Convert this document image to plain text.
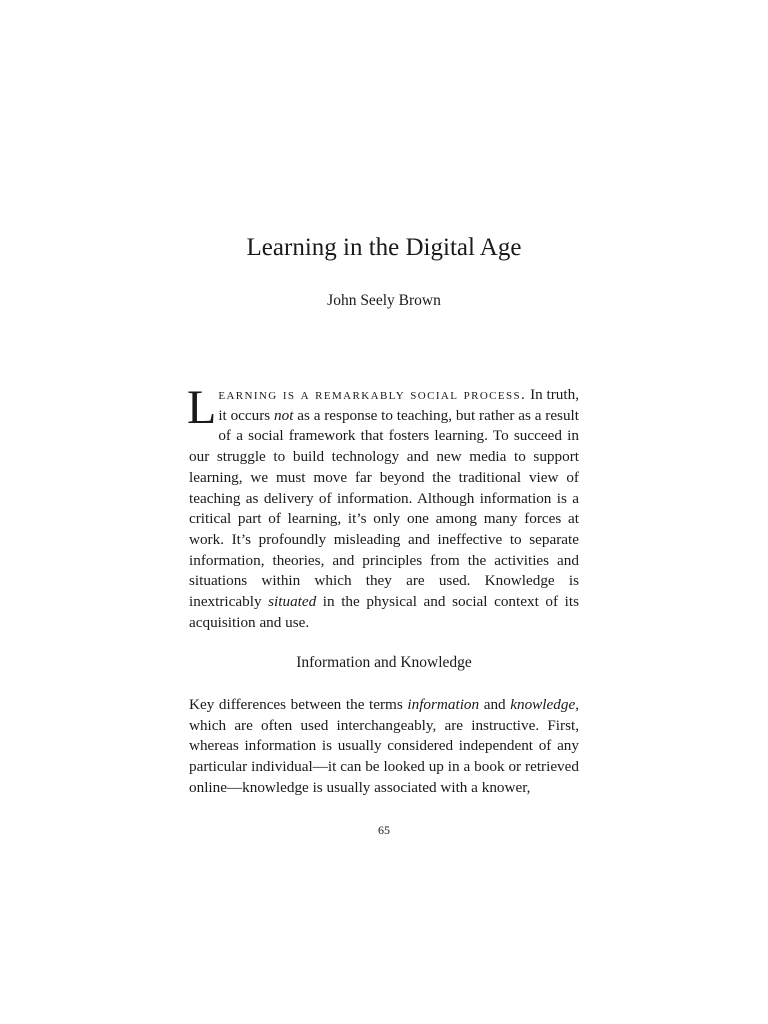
Learning in the Digital Age

John Seely Brown

Learning is a remarkably social process. In truth, it occurs not as a response to teaching, but rather as a result of a social framework that fosters learning. To succeed in our struggle to build technology and new media to support learning, we must move far beyond the traditional view of teaching as delivery of information. Although information is a critical part of learning, it’s only one among many forces at work. It’s profoundly misleading and ineffective to separate information, theories, and principles from the activities and situations within which they are used. Knowledge is inextricably situated in the physical and social context of its acquisition and use.

Information and Knowledge

Key differences between the terms information and knowledge, which are often used interchangeably, are instructive. First, whereas information is usually considered independent of any particular individual—it can be looked up in a book or retrieved online—knowledge is usually associated with a knower,

65
